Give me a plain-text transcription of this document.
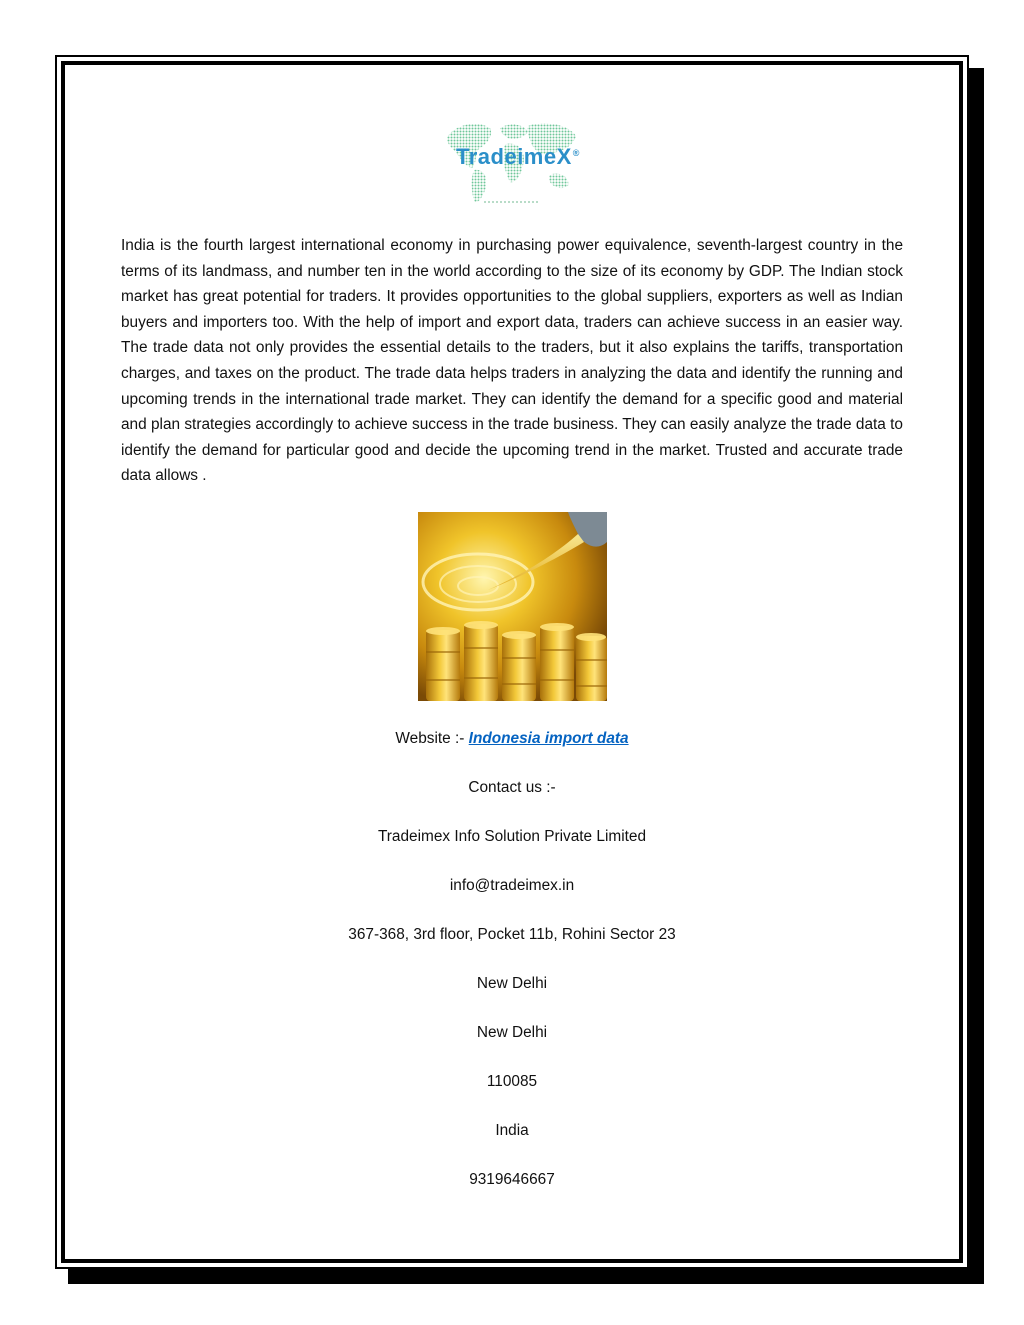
TradeimeX®

India is the fourth largest international economy in purchasing power equivalence, seventh-largest country in the terms of its landmass, and number ten in the world according to the size of its economy by GDP. The Indian stock market has great potential for traders. It provides opportunities to the global suppliers, exporters as well as Indian buyers and importers too. With the help of import and export data, traders can achieve success in an easier way. The trade data not only provides the essential details to the traders, but it also explains the tariffs, transportation charges, and taxes on the product. The trade data helps traders in analyzing the data and identify the running and upcoming trends in the international trade market. They can identify the demand for a specific good and material and plan strategies accordingly to achieve success in the trade business. They can easily analyze the trade data to identify the demand for particular good and decide the upcoming trend in the market. Trusted and accurate trade data allows .

Website :- Indonesia import data
Contact us :-
Tradeimex Info Solution Private Limited
info@tradeimex.in
367-368, 3rd floor, Pocket 11b, Rohini Sector 23
New Delhi
New Delhi
110085
India
9319646667
